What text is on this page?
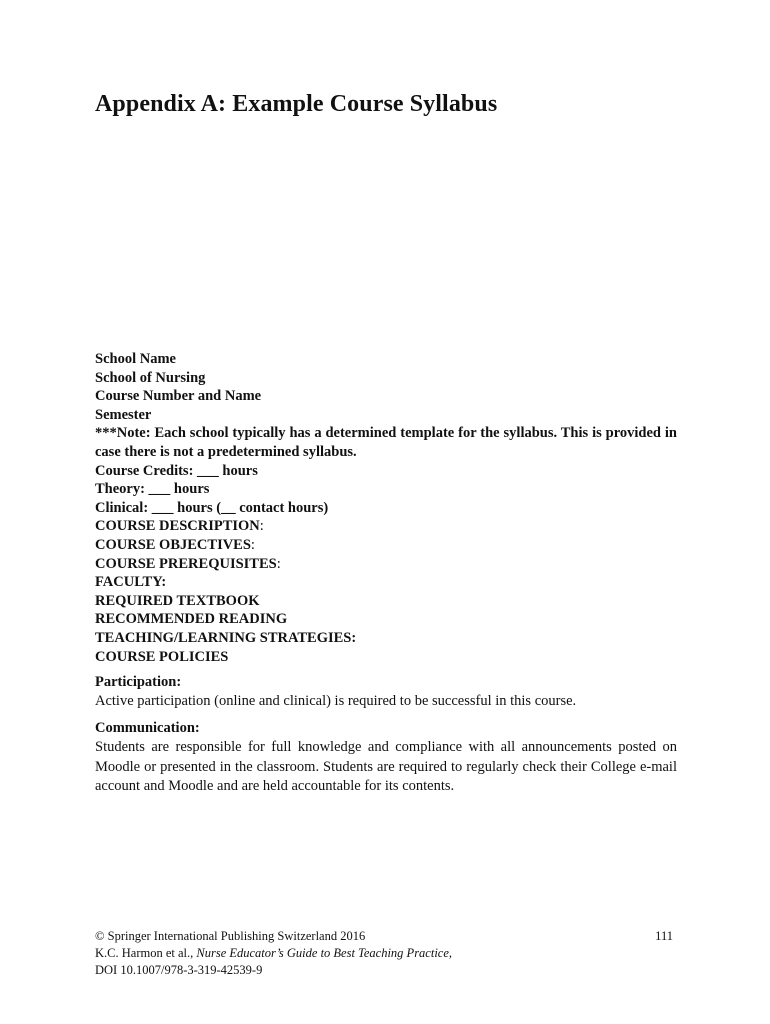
Appendix A: Example Course Syllabus
School Name
School of Nursing
Course Number and Name
Semester
***Note: Each school typically has a determined template for the syllabus. This is provided in case there is not a predetermined syllabus.
Course Credits: ___ hours
Theory: ___ hours
Clinical: ___ hours (__ contact hours)
COURSE DESCRIPTION:
COURSE OBJECTIVES:
COURSE PREREQUISITES:
FACULTY:
REQUIRED TEXTBOOK
RECOMMENDED READING
TEACHING/LEARNING STRATEGIES:
COURSE POLICIES
Participation:
Active participation (online and clinical) is required to be successful in this course.
Communication:
Students are responsible for full knowledge and compliance with all announcements posted on Moodle or presented in the classroom. Students are required to regularly check their College e-mail account and Moodle and are held accountable for its contents.
© Springer International Publishing Switzerland 2016
K.C. Harmon et al., Nurse Educator’s Guide to Best Teaching Practice,
DOI 10.1007/978-3-319-42539-9
111
